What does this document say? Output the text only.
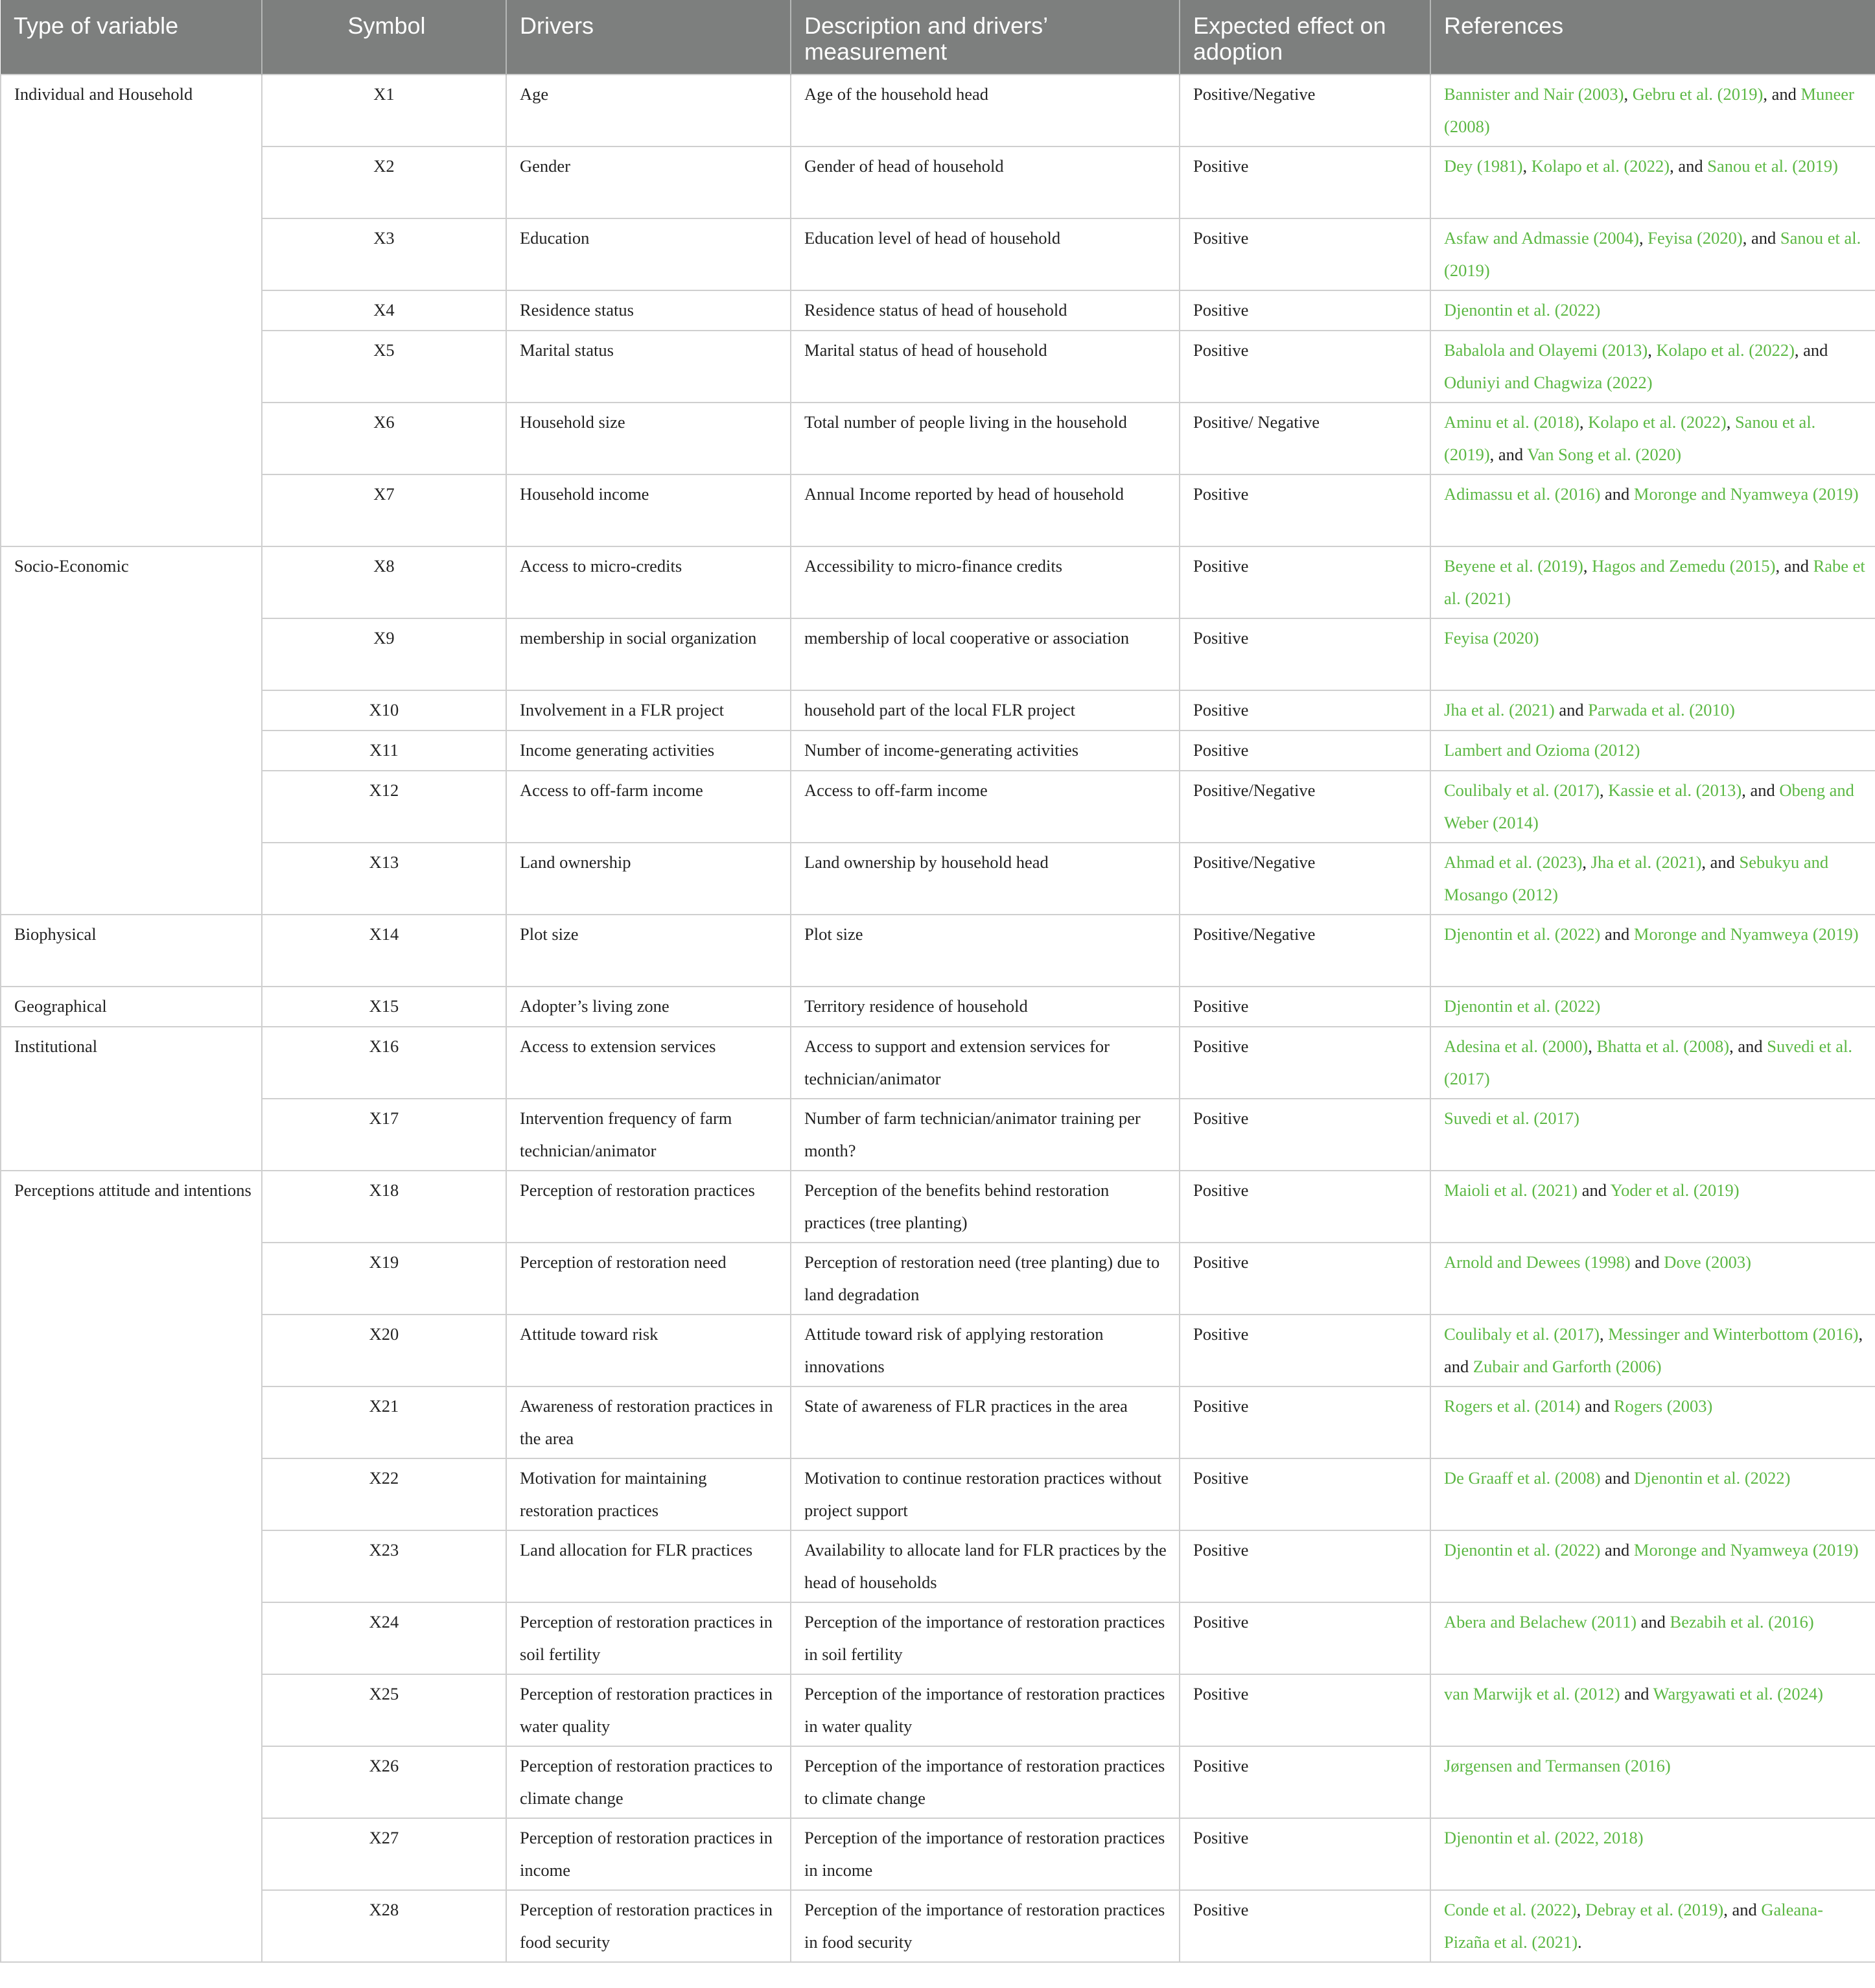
Type of variable	Symbol	Drivers	Description and drivers’ measurement	Expected effect on adoption	References
Individual and Household	X1	Age	Age of the household head	Positive/Negative	Bannister and Nair (2003), Gebru et al. (2019), and Muneer (2008)
	X2	Gender	Gender of head of household	Positive	Dey (1981), Kolapo et al. (2022), and Sanou et al. (2019)
	X3	Education	Education level of head of household	Positive	Asfaw and Admassie (2004), Feyisa (2020), and Sanou et al. (2019)
	X4	Residence status	Residence status of head of household	Positive	Djenontin et al. (2022)
	X5	Marital status	Marital status of head of household	Positive	Babalola and Olayemi (2013), Kolapo et al. (2022), and Oduniyi and Chagwiza (2022)
	X6	Household size	Total number of people living in the household	Positive/ Negative	Aminu et al. (2018), Kolapo et al. (2022), Sanou et al. (2019), and Van Song et al. (2020)
	X7	Household income	Annual Income reported by head of household	Positive	Adimassu et al. (2016) and Moronge and Nyamweya (2019)
Socio-Economic	X8	Access to micro-credits	Accessibility to micro-finance credits	Positive	Beyene et al. (2019), Hagos and Zemedu (2015), and Rabe et al. (2021)
	X9	membership in social organization	membership of local cooperative or association	Positive	Feyisa (2020)
	X10	Involvement in a FLR project	household part of the local FLR project	Positive	Jha et al. (2021) and Parwada et al. (2010)
	X11	Income generating activities	Number of income-generating activities	Positive	Lambert and Ozioma (2012)
	X12	Access to off-farm income	Access to off-farm income	Positive/Negative	Coulibaly et al. (2017), Kassie et al. (2013), and Obeng and Weber (2014)
	X13	Land ownership	Land ownership by household head	Positive/Negative	Ahmad et al. (2023), Jha et al. (2021), and Sebukyu and Mosango (2012)
Biophysical	X14	Plot size	Plot size	Positive/Negative	Djenontin et al. (2022) and Moronge and Nyamweya (2019)
Geographical	X15	Adopter’s living zone	Territory residence of household	Positive	Djenontin et al. (2022)
Institutional	X16	Access to extension services	Access to support and extension services for technician/animator	Positive	Adesina et al. (2000), Bhatta et al. (2008), and Suvedi et al. (2017)
	X17	Intervention frequency of farm technician/animator	Number of farm technician/animator training per month?	Positive	Suvedi et al. (2017)
Perceptions attitude and intentions	X18	Perception of restoration practices	Perception of the benefits behind restoration practices (tree planting)	Positive	Maioli et al. (2021) and Yoder et al. (2019)
	X19	Perception of restoration need	Perception of restoration need (tree planting) due to land degradation	Positive	Arnold and Dewees (1998) and Dove (2003)
	X20	Attitude toward risk	Attitude toward risk of applying restoration innovations	Positive	Coulibaly et al. (2017), Messinger and Winterbottom (2016), and Zubair and Garforth (2006)
	X21	Awareness of restoration practices in the area	State of awareness of FLR practices in the area	Positive	Rogers et al. (2014) and Rogers (2003)
	X22	Motivation for maintaining restoration practices	Motivation to continue restoration practices without project support	Positive	De Graaff et al. (2008) and Djenontin et al. (2022)
	X23	Land allocation for FLR practices	Availability to allocate land for FLR practices by the head of households	Positive	Djenontin et al. (2022) and Moronge and Nyamweya (2019)
	X24	Perception of restoration practices in soil fertility	Perception of the importance of restoration practices in soil fertility	Positive	Abera and Belachew (2011) and Bezabih et al. (2016)
	X25	Perception of restoration practices in water quality	Perception of the importance of restoration practices in water quality	Positive	van Marwijk et al. (2012) and Wargyawati et al. (2024)
	X26	Perception of restoration practices to climate change	Perception of the importance of restoration practices to climate change	Positive	Jørgensen and Termansen (2016)
	X27	Perception of restoration practices in income	Perception of the importance of restoration practices in income	Positive	Djenontin et al. (2022, 2018)
	X28	Perception of restoration practices in food security	Perception of the importance of restoration practices in food security	Positive	Conde et al. (2022), Debray et al. (2019), and Galeana-Pizaña et al. (2021).
